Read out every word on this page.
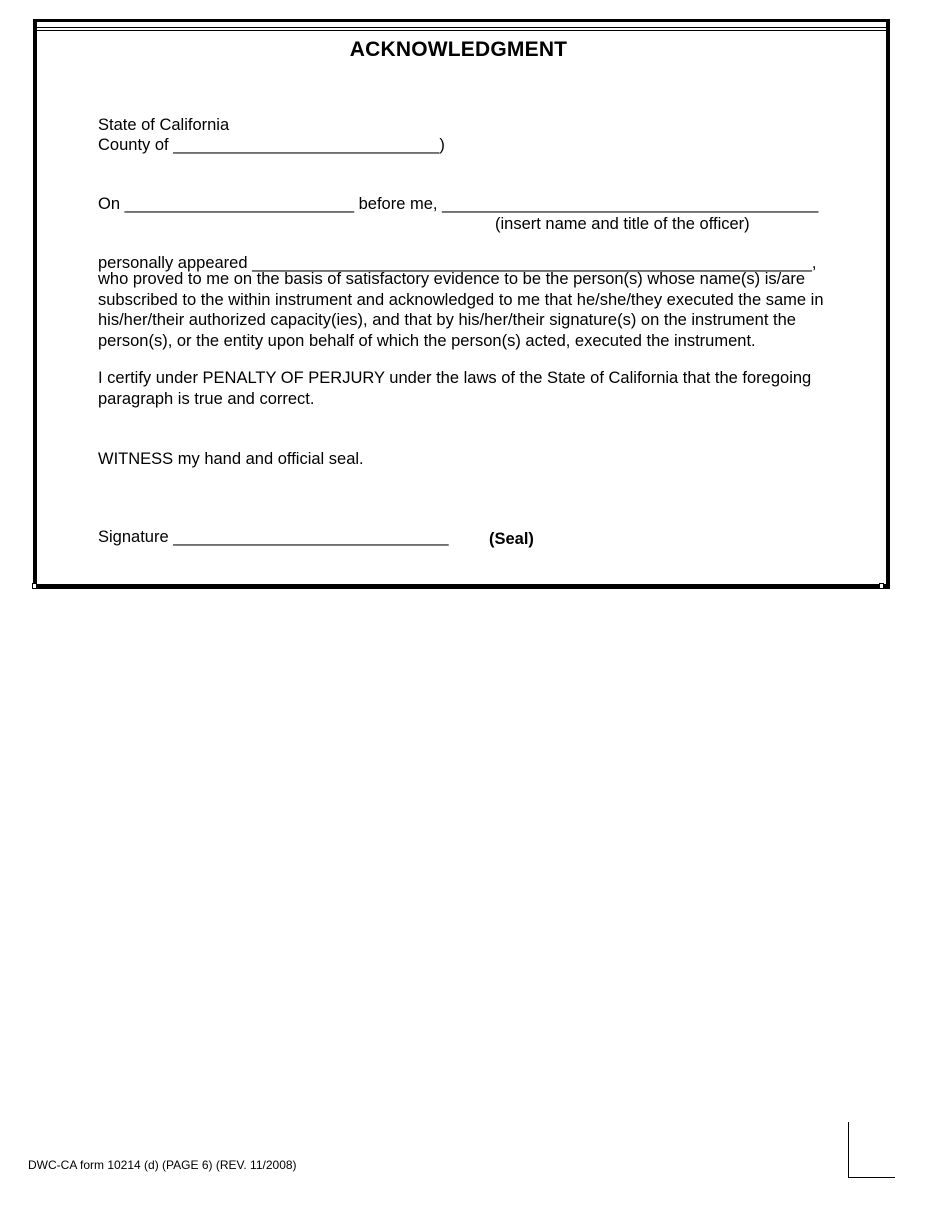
ACKNOWLEDGMENT
State of California
County of _____________________________)
On _________________________ before me, _________________________________________
(insert name and title of the officer)
personally appeared _____________________________________________________________,
who proved to me on the basis of satisfactory evidence to be the person(s) whose name(s) is/are subscribed to the within instrument and acknowledged to me that he/she/they executed the same in his/her/their authorized capacity(ies), and that by his/her/their signature(s) on the instrument the person(s), or the entity upon behalf of which the person(s) acted, executed the instrument.
I certify under PENALTY OF PERJURY under the laws of the State of California that the foregoing paragraph is true and correct.
WITNESS my hand and official seal.
Signature ______________________________ (Seal)
DWC-CA form 10214 (d) (PAGE 6) (REV. 11/2008)
